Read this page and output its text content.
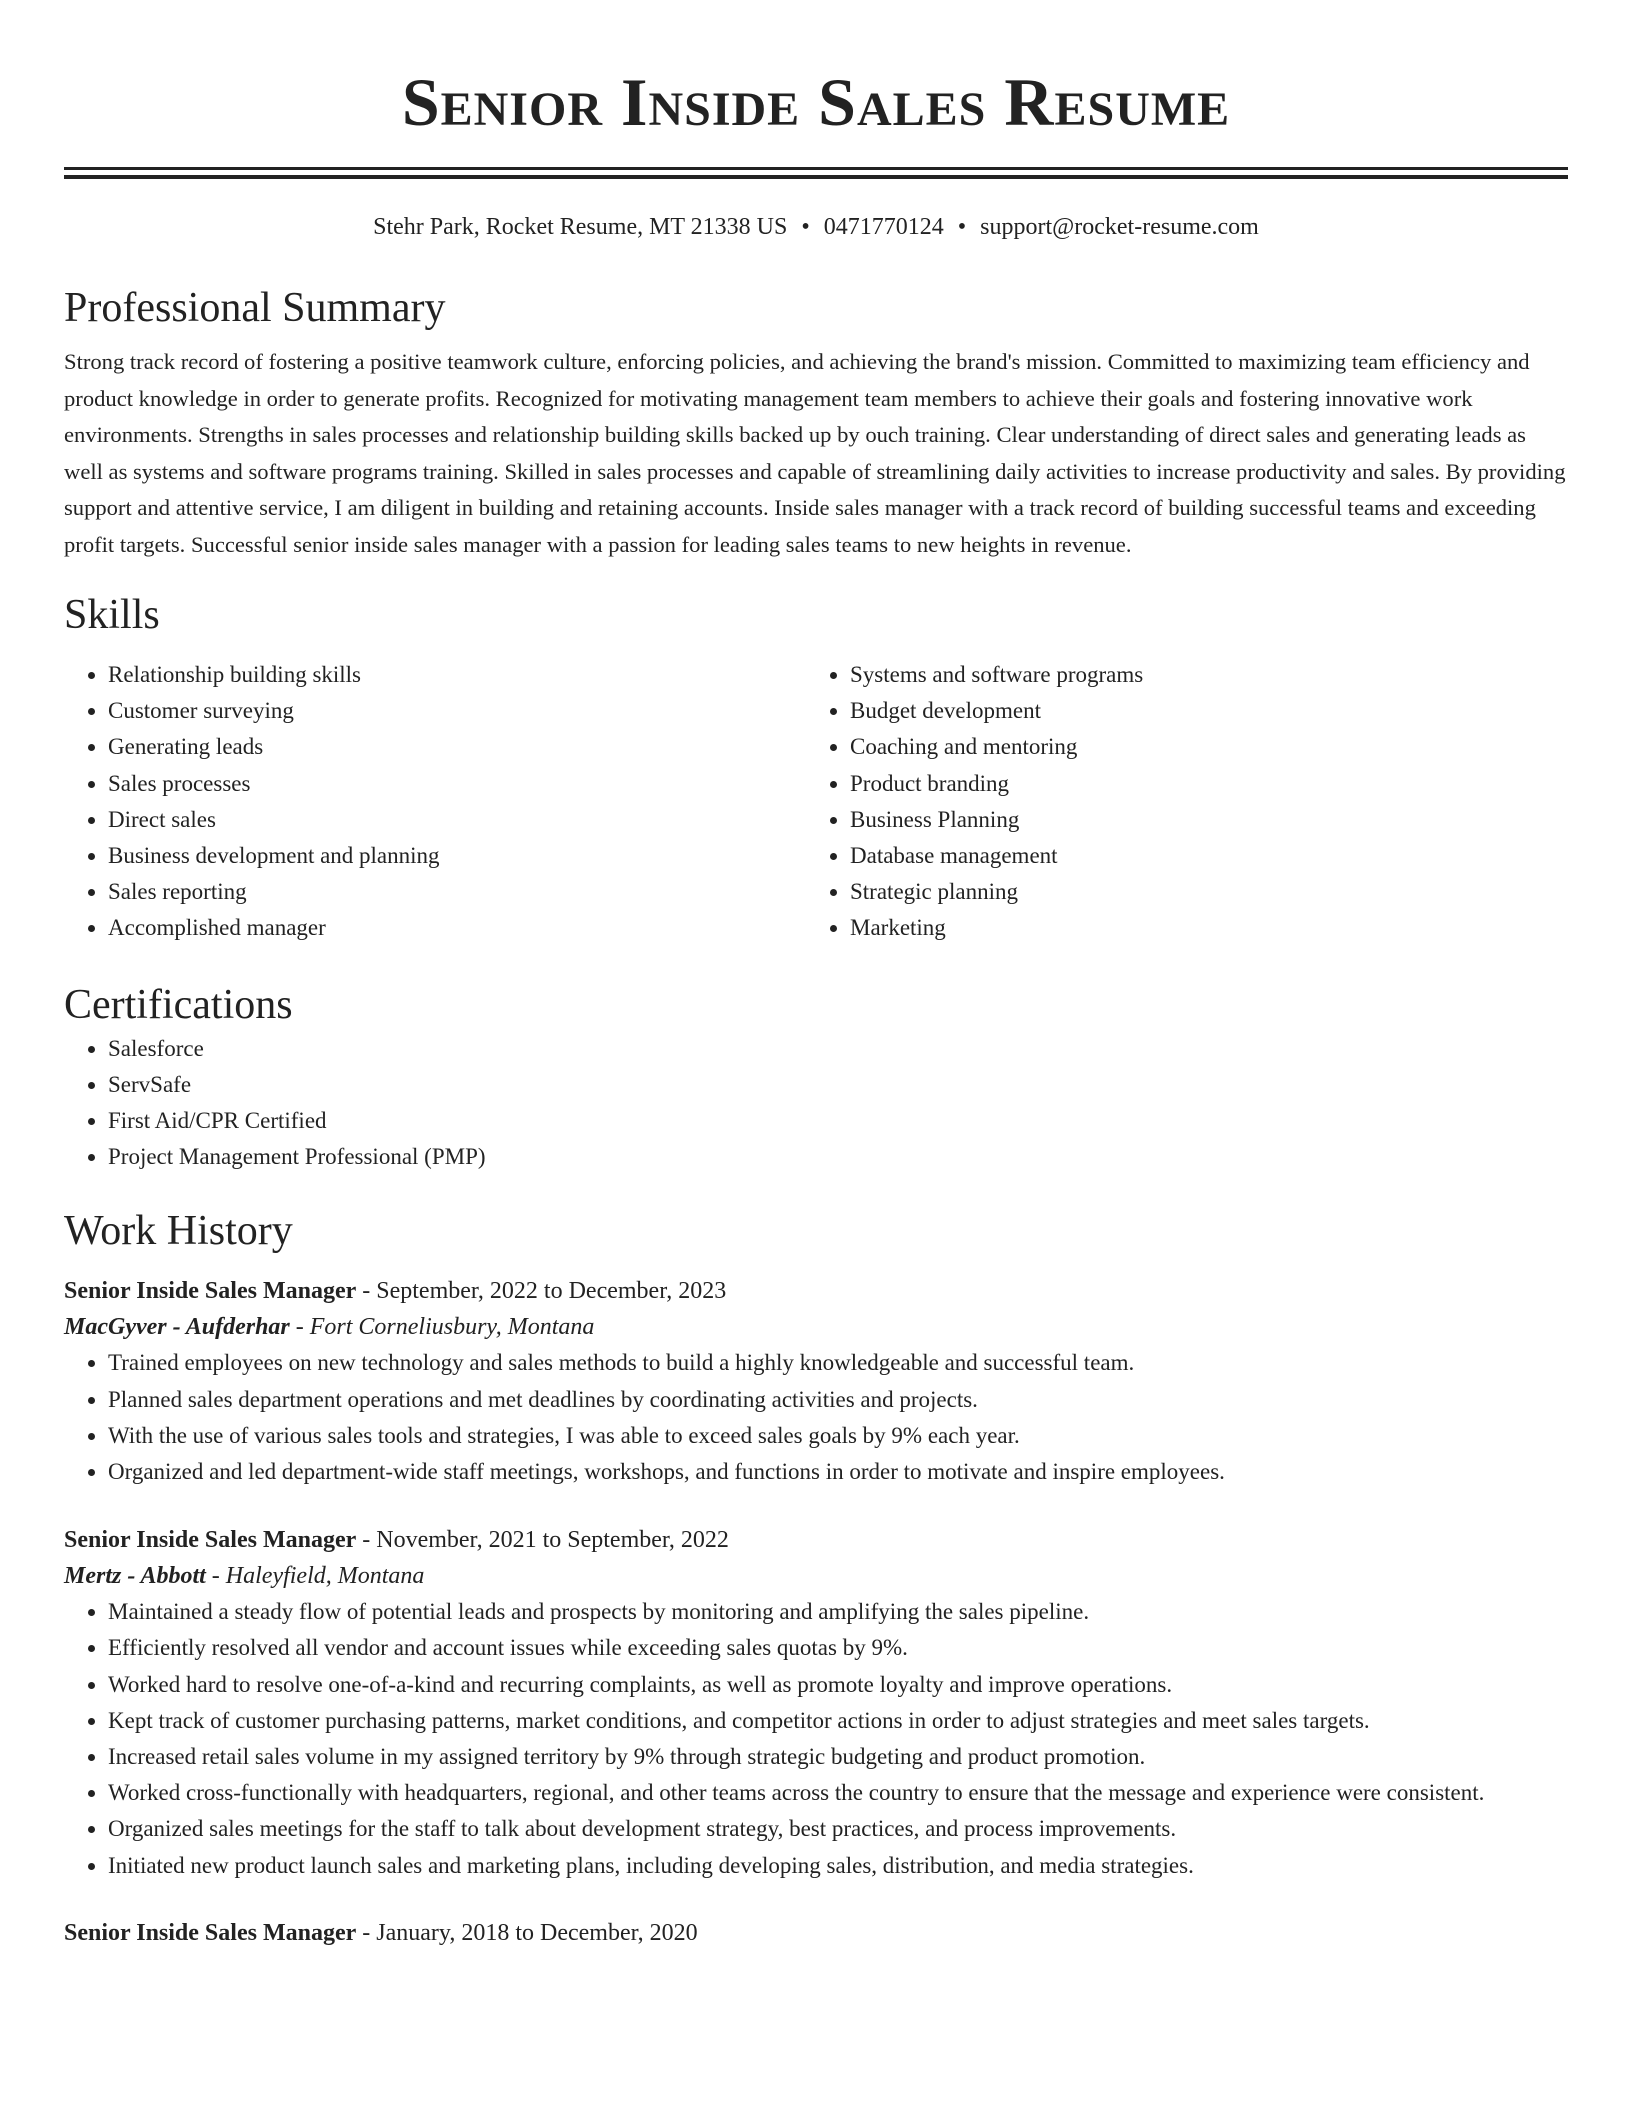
Senior Inside Sales Resume
Stehr Park, Rocket Resume, MT 21338 US • 0471770124 • support@rocket-resume.com
Professional Summary

Strong track record of fostering a positive teamwork culture, enforcing policies, and achieving the brand's mission. Committed to maximizing team efficiency and product knowledge in order to generate profits. Recognized for motivating management team members to achieve their goals and fostering innovative work environments. Strengths in sales processes and relationship building skills backed up by ouch training. Clear understanding of direct sales and generating leads as well as systems and software programs training. Skilled in sales processes and capable of streamlining daily activities to increase productivity and sales. By providing support and attentive service, I am diligent in building and retaining accounts. Inside sales manager with a track record of building successful teams and exceeding profit targets. Successful senior inside sales manager with a passion for leading sales teams to new heights in revenue.

Skills
• Relationship building skills
• Customer surveying
• Generating leads
• Sales processes
• Direct sales
• Business development and planning
• Sales reporting
• Accomplished manager
• Systems and software programs
• Budget development
• Coaching and mentoring
• Product branding
• Business Planning
• Database management
• Strategic planning
• Marketing
Certifications
• Salesforce
• ServSafe
• First Aid/CPR Certified
• Project Management Professional (PMP)
Work History
Senior Inside Sales Manager - September, 2022 to December, 2023
MacGyver - Aufderhar - Fort Corneliusbury, Montana
• Trained employees on new technology and sales methods to build a highly knowledgeable and successful team.
• Planned sales department operations and met deadlines by coordinating activities and projects.
• With the use of various sales tools and strategies, I was able to exceed sales goals by 9% each year.
• Organized and led department-wide staff meetings, workshops, and functions in order to motivate and inspire employees.
Senior Inside Sales Manager - November, 2021 to September, 2022
Mertz - Abbott - Haleyfield, Montana
• Maintained a steady flow of potential leads and prospects by monitoring and amplifying the sales pipeline.
• Efficiently resolved all vendor and account issues while exceeding sales quotas by 9%.
• Worked hard to resolve one-of-a-kind and recurring complaints, as well as promote loyalty and improve operations.
• Kept track of customer purchasing patterns, market conditions, and competitor actions in order to adjust strategies and meet sales targets.
• Increased retail sales volume in my assigned territory by 9% through strategic budgeting and product promotion.
• Worked cross-functionally with headquarters, regional, and other teams across the country to ensure that the message and experience were consistent.
• Organized sales meetings for the staff to talk about development strategy, best practices, and process improvements.
• Initiated new product launch sales and marketing plans, including developing sales, distribution, and media strategies.
Senior Inside Sales Manager - January, 2018 to December, 2020
